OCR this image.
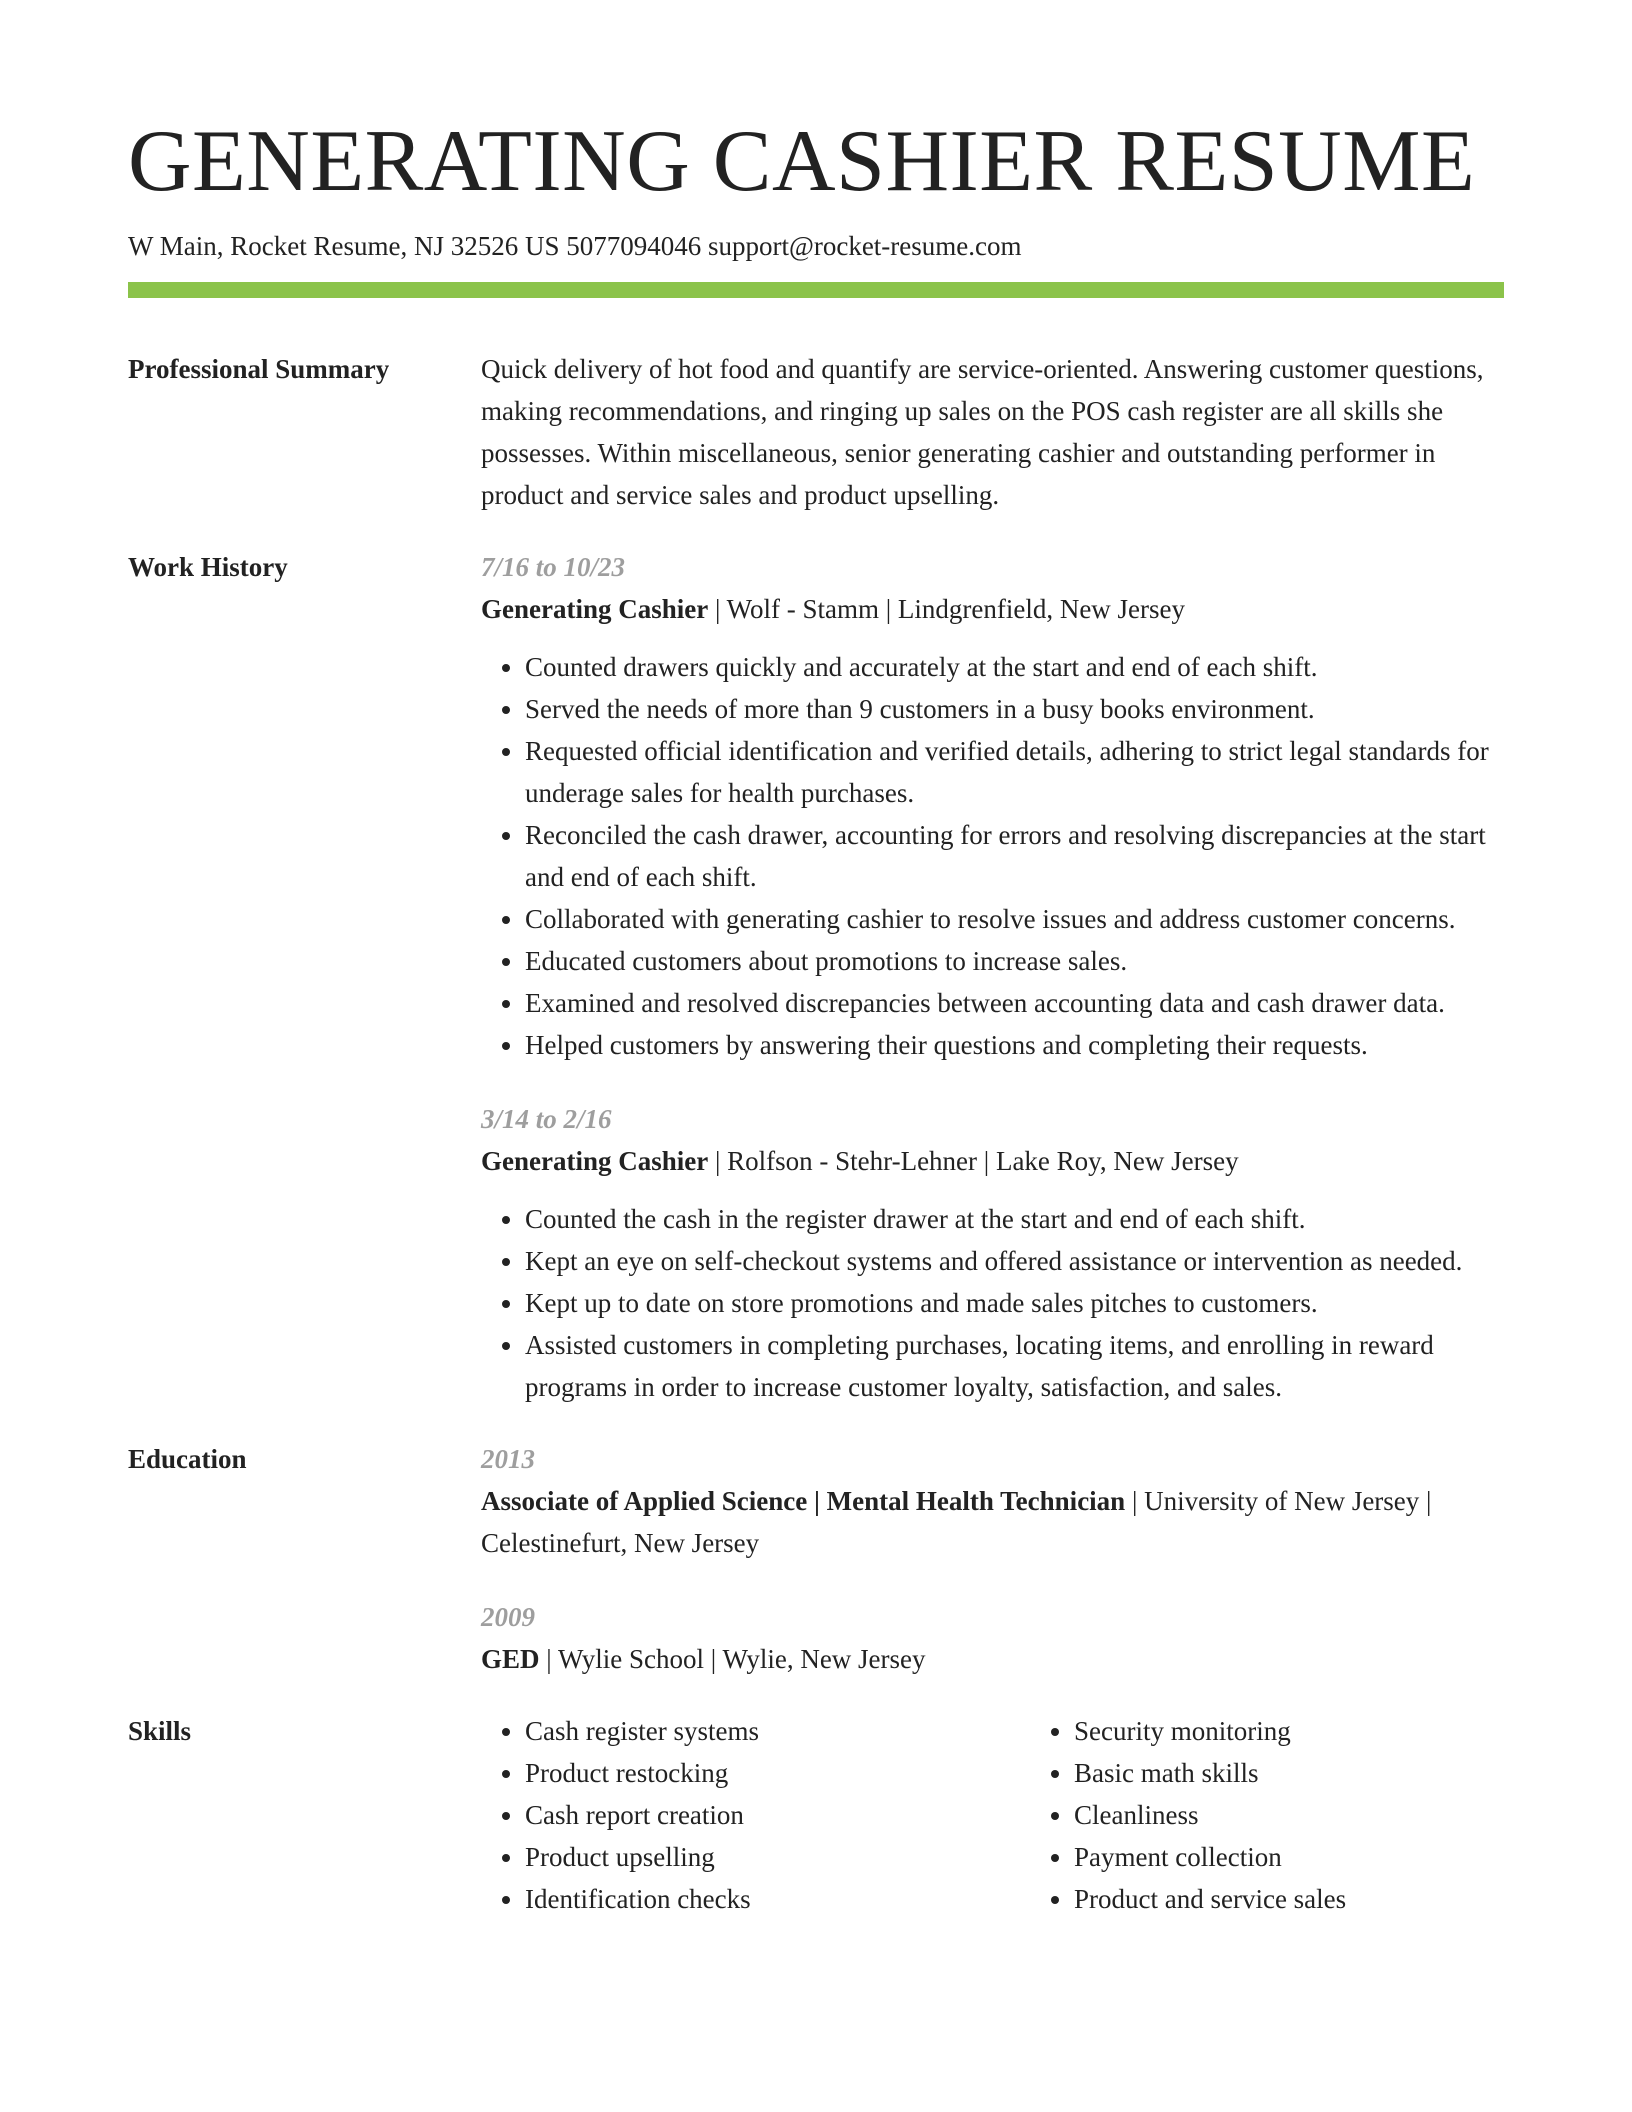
GENERATING CASHIER RESUME
W Main, Rocket Resume, NJ 32526 US 5077094046 support@rocket-resume.com
Professional Summary	Quick delivery of hot food and quantify are service-oriented. Answering customer questions, making recommendations, and ringing up sales on the POS cash register are all skills she possesses. Within miscellaneous, senior generating cashier and outstanding performer in product and service sales and product upselling.
Work History	7/16 to 10/23
Generating Cashier | Wolf - Stamm | Lindgrenfield, New Jersey
• Counted drawers quickly and accurately at the start and end of each shift.
• Served the needs of more than 9 customers in a busy books environment.
• Requested official identification and verified details, adhering to strict legal standards for underage sales for health purchases.
• Reconciled the cash drawer, accounting for errors and resolving discrepancies at the start and end of each shift.
• Collaborated with generating cashier to resolve issues and address customer concerns.
• Educated customers about promotions to increase sales.
• Examined and resolved discrepancies between accounting data and cash drawer data.
• Helped customers by answering their questions and completing their requests.
3/14 to 2/16
Generating Cashier | Rolfson - Stehr-Lehner | Lake Roy, New Jersey
• Counted the cash in the register drawer at the start and end of each shift.
• Kept an eye on self-checkout systems and offered assistance or intervention as needed.
• Kept up to date on store promotions and made sales pitches to customers.
• Assisted customers in completing purchases, locating items, and enrolling in reward programs in order to increase customer loyalty, satisfaction, and sales.
Education	2013
Associate of Applied Science | Mental Health Technician | University of New Jersey| Celestinefurt, New Jersey
2009
GED | Wylie School | Wylie, New Jersey
Skills	• Cash register systems
• Product restocking
• Cash report creation
• Product upselling
• Identification checks
• Security monitoring
• Basic math skills
• Cleanliness
• Payment collection
• Product and service sales
